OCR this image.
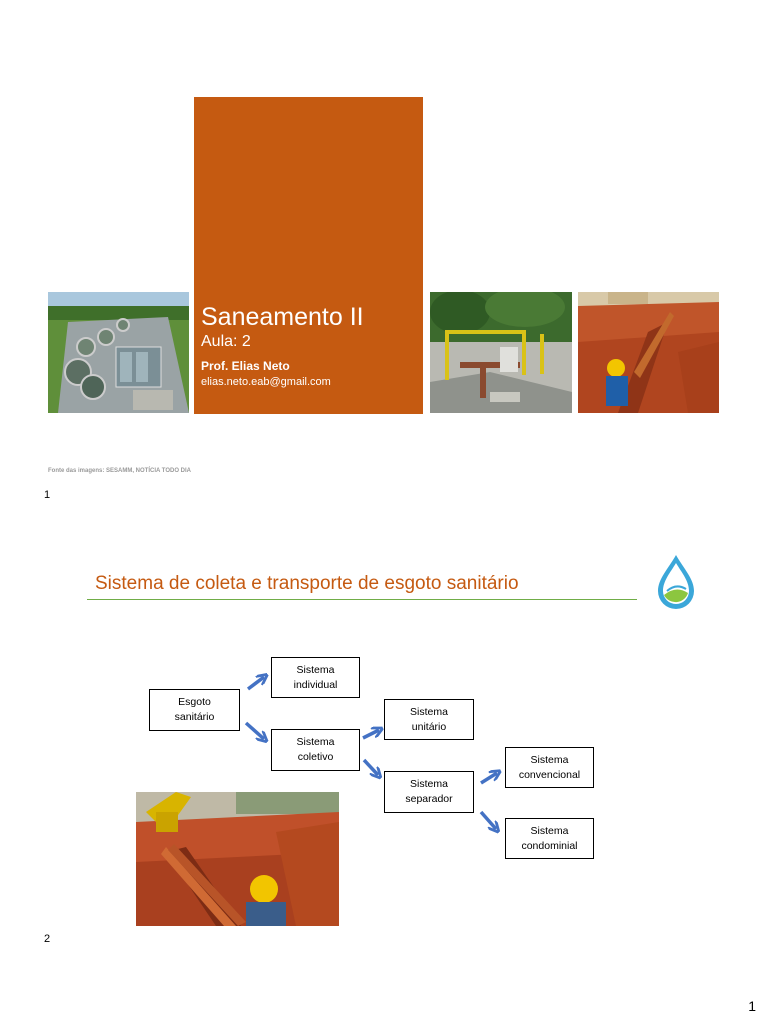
Saneamento II
Aula: 2
Prof. Elias Neto
elias.neto.eab@gmail.com
Fonte das imagens: SESAMM, NOTÍCIA TODO DIA
1
Sistema de coleta e transporte de esgoto sanitário
Esgoto
sanitário
Sistema
individual
Sistema
coletivo
Sistema
unitário
Sistema
separador
Sistema
convencional
Sistema
condominial
2
1
